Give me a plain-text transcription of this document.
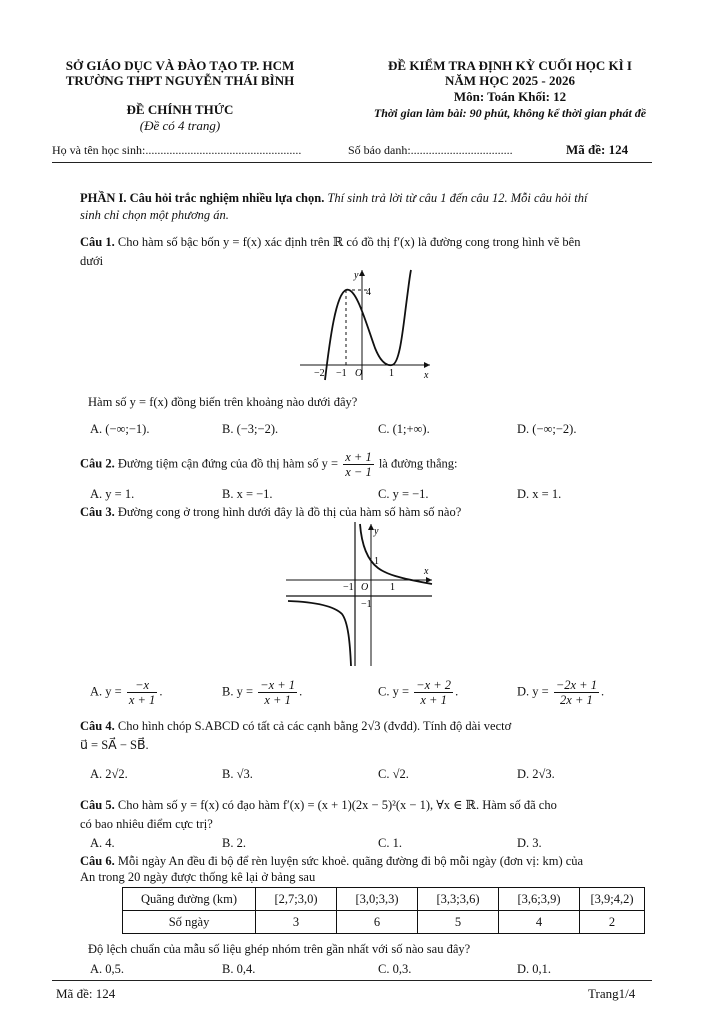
SỞ GIÁO DỤC VÀ ĐÀO TẠO TP. HCM
TRƯỜNG THPT NGUYỄN THÁI BÌNH
ĐỀ CHÍNH THỨC
(Đề có 4 trang)
ĐỀ KIỂM TRA ĐỊNH KỲ CUỐI HỌC KÌ I
NĂM HỌC 2025 - 2026
Môn: Toán Khối: 12
Thời gian làm bài: 90 phút, không kể thời gian phát đề
Họ và tên học sinh:....................................................	Số báo danh:..................................	Mã đề: 124
PHẦN I. Câu hỏi trắc nghiệm nhiều lựa chọn. Thí sinh trả lời từ câu 1 đến câu 12. Mỗi câu hỏi thí
sinh chỉ chọn một phương án.
Câu 1. Cho hàm số bậc bốn y = f(x) xác định trên ℝ có đồ thị f′(x) là đường cong trong hình vẽ bên
dưới
y
4
x
−2 −1 O	1
Hàm số y = f(x) đồng biến trên khoảng nào dưới đây?
A. (−∞;−1).	B. (−3;−2).	C. (1;+∞).	D. (−∞;−2).
Câu 2. Đường tiệm cận đứng của đồ thị hàm số $y = \frac{x + 1}{x - 1}$ là đường thẳng:
A. y = 1.	B. x = −1.	C. y = −1.	D. x = 1.
Câu 3. Đường cong ở trong hình dưới đây là đồ thị của hàm số hàm số nào?
y
1
−1 O 1
x
−1
A. $y = \frac{-x}{x + 1}$ .	B. $y = \frac{-x + 1}{x + 1}$ .	C. $y = \frac{-x + 2}{x + 1}$ .	D. $y = \frac{-2x + 1}{2x + 1}$ .
Câu 4. Cho hình chóp S.ABCD có tất cả các cạnh bằng 2√3 (đvđd). Tính độ dài vectơ
u⃗ = SA⃗ − SB⃗.
A. 2√2.	B. √3.	C. √2.	D. 2√3.
Câu 5. Cho hàm số y = f(x) có đạo hàm f′(x) = (x + 1)(2x − 5)²(x − 1), ∀x ∈ ℝ. Hàm số đã cho
có bao nhiêu điểm cực trị?
A. 4.	B. 2.	C. 1.	D. 3.
Câu 6. Mỗi ngày An đều đi bộ để rèn luyện sức khoẻ. quãng đường đi bộ mỗi ngày (đơn vị: km) của
An trong 20 ngày được thống kê lại ở bảng sau
Quãng đường (km)	[2,7;3,0)	[3,0;3,3)	[3,3;3,6)	[3,6;3,9)	[3,9;4,2)
Số ngày	3	6	5	4	2
Độ lệch chuẩn của mẫu số liệu ghép nhóm trên gần nhất với số nào sau đây?
A. 0,5.	B. 0,4.	C. 0,3.	D. 0,1.
Mã đề: 124	Trang1/4
